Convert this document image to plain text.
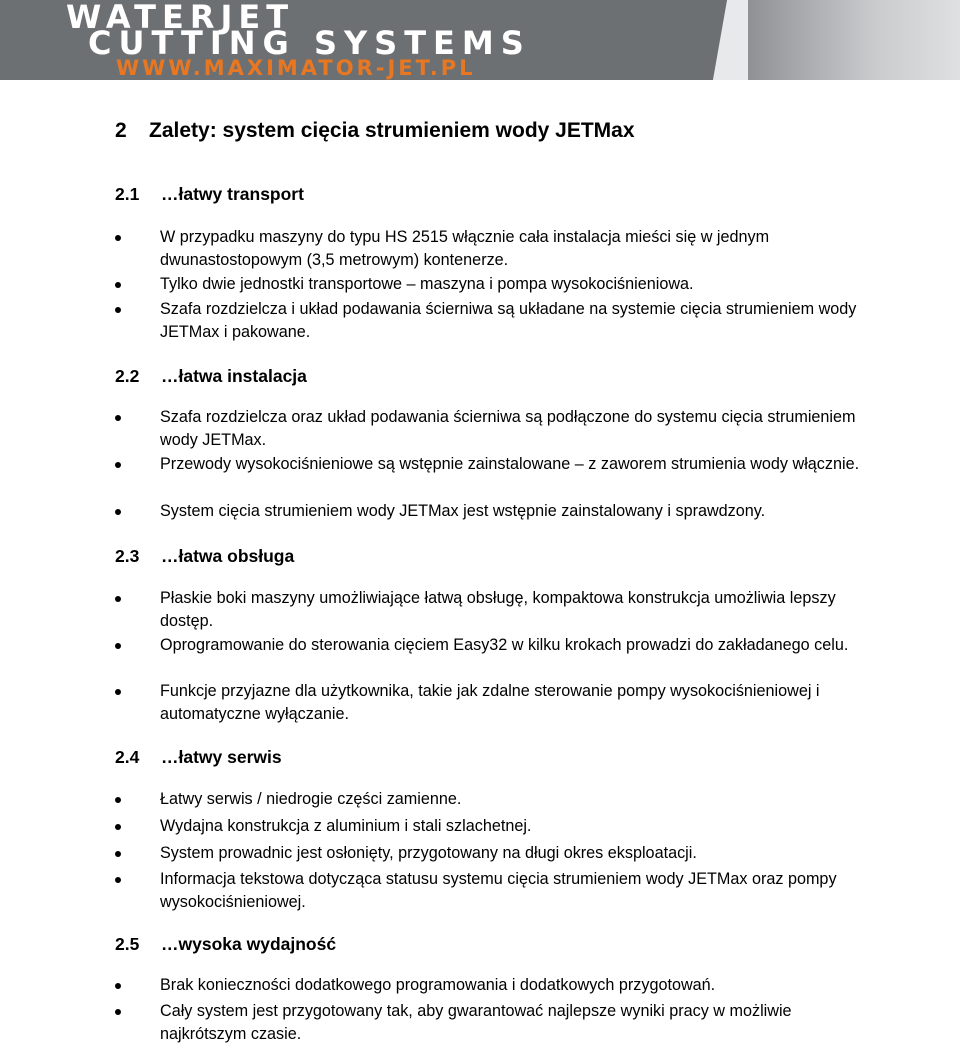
WATERJET
CUTTING SYSTEMS
WWW.MAXIMATOR-JET.PL
2 Zalety: system cięcia strumieniem wody JETMax
2.1 …łatwy transport
W przypadku maszyny do typu HS 2515 włącznie cała instalacja mieści się w jednym dwunastostopowym (3,5 metrowym) kontenerze.
Tylko dwie jednostki transportowe – maszyna i pompa wysokociśnieniowa.
Szafa rozdzielcza i układ podawania ścierniwa są układane na systemie cięcia strumieniem wody JETMax i pakowane.
2.2 …łatwa instalacja
Szafa rozdzielcza oraz układ podawania ścierniwa są podłączone do systemu cięcia strumieniem wody JETMax.
Przewody wysokociśnieniowe są wstępnie zainstalowane – z zaworem strumienia wody włącznie.
System cięcia strumieniem wody JETMax jest wstępnie zainstalowany i sprawdzony.
2.3 …łatwa obsługa
Płaskie boki maszyny umożliwiające łatwą obsługę, kompaktowa konstrukcja umożliwia lepszy dostęp.
Oprogramowanie do sterowania cięciem Easy32 w kilku krokach prowadzi do zakładanego celu.
Funkcje przyjazne dla użytkownika, takie jak zdalne sterowanie pompy wysokociśnieniowej i automatyczne wyłączanie.
2.4 …łatwy serwis
Łatwy serwis / niedrogie części zamienne.
Wydajna konstrukcja z aluminium i stali szlachetnej.
System prowadnic jest osłonięty, przygotowany na długi okres eksploatacji.
Informacja tekstowa dotycząca statusu systemu cięcia strumieniem wody JETMax oraz pompy wysokociśnieniowej.
2.5 …wysoka wydajność
Brak konieczności dodatkowego programowania i dodatkowych przygotowań.
Cały system jest przygotowany tak, aby gwarantować najlepsze wyniki pracy w możliwie najkrótszym czasie.
